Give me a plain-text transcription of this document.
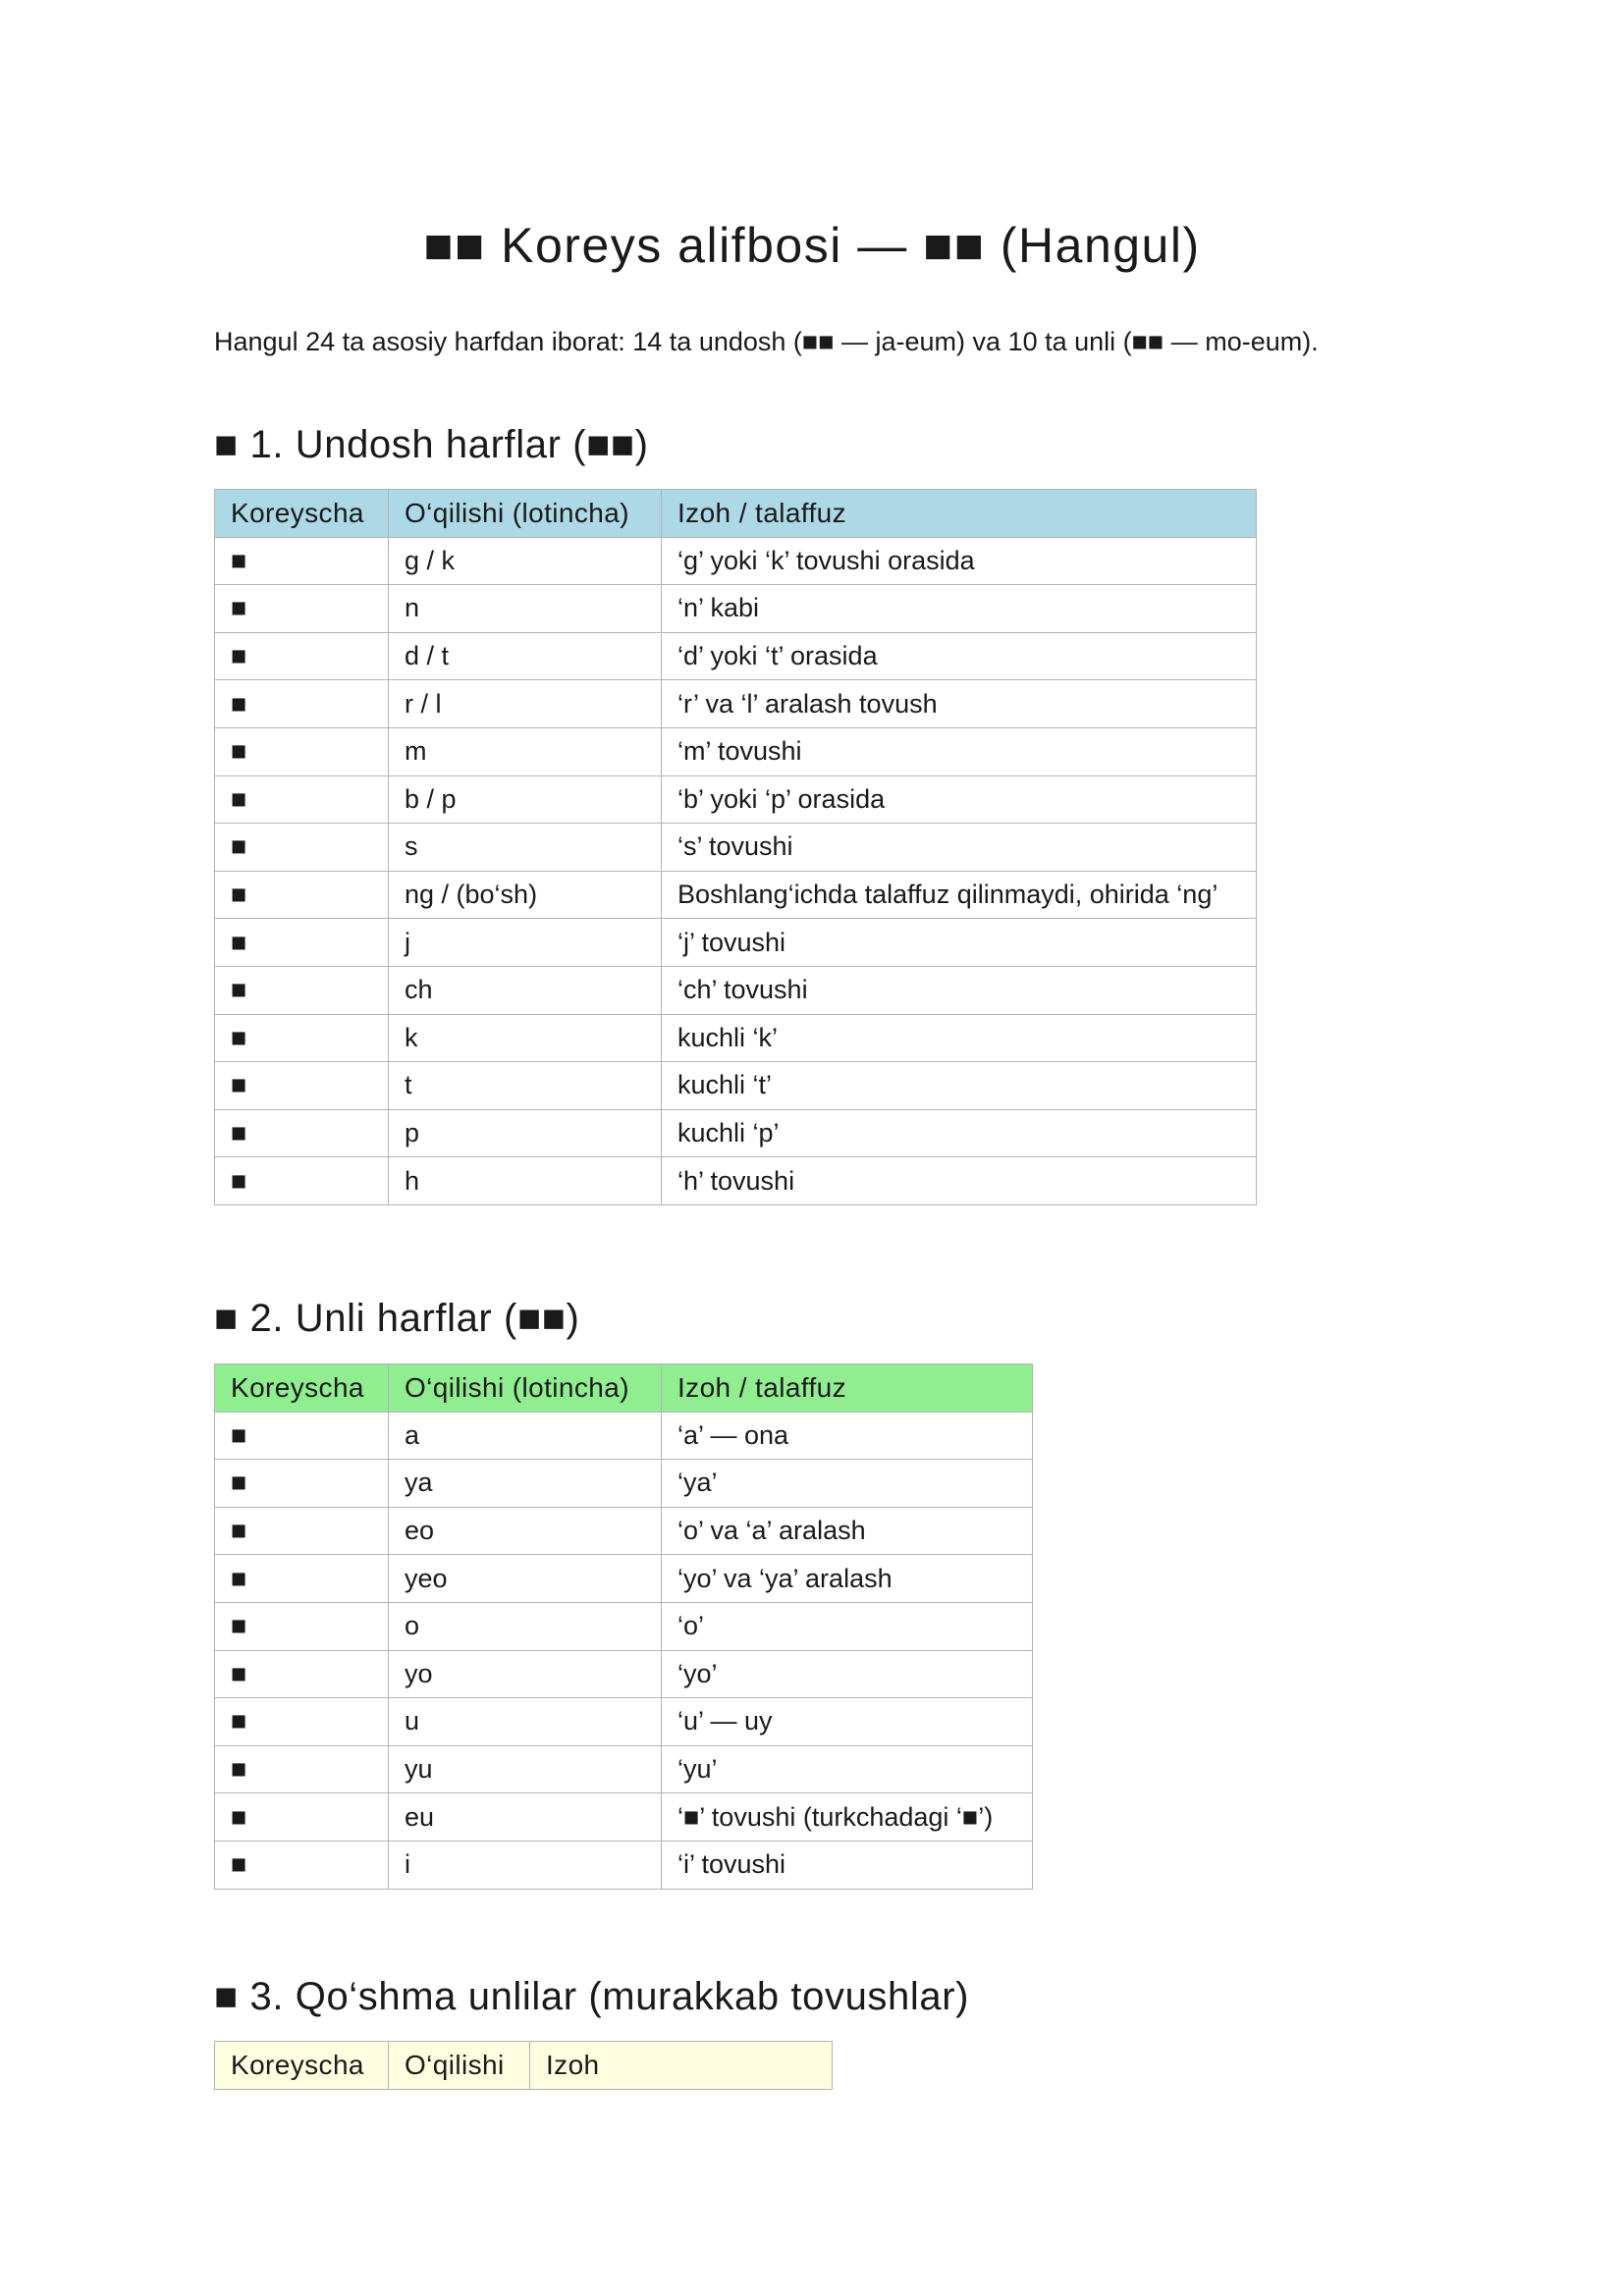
■■ Koreys alifbosi — ■■ (Hangul)

Hangul 24 ta asosiy harfdan iborat: 14 ta undosh (■■ — ja-eum) va 10 ta unli (■■ — mo-eum).

■ 1. Undosh harflar (■■)
Koreyscha	O‘qilishi (lotincha)	Izoh / talaffuz
■	g / k	‘g’ yoki ‘k’ tovushi orasida
■	n	‘n’ kabi
■	d / t	‘d’ yoki ‘t’ orasida
■	r / l	‘r’ va ‘l’ aralash tovush
■	m	‘m’ tovushi
■	b / p	‘b’ yoki ‘p’ orasida
■	s	‘s’ tovushi
■	ng / (bo‘sh)	Boshlang‘ichda talaffuz qilinmaydi, ohirida ‘ng’
■	j	‘j’ tovushi
■	ch	‘ch’ tovushi
■	k	kuchli ‘k’
■	t	kuchli ‘t’
■	p	kuchli ‘p’
■	h	‘h’ tovushi
■ 2. Unli harflar (■■)
Koreyscha	O‘qilishi (lotincha)	Izoh / talaffuz
■	a	‘a’ — ona
■	ya	‘ya’
■	eo	‘o’ va ‘a’ aralash
■	yeo	‘yo’ va ‘ya’ aralash
■	o	‘o’
■	yo	‘yo’
■	u	‘u’ — uy
■	yu	‘yu’
■	eu	‘■’ tovushi (turkchadagi ‘■’)
■	i	‘i’ tovushi
■ 3. Qo‘shma unlilar (murakkab tovushlar)
Koreyscha	O‘qilishi	Izoh
